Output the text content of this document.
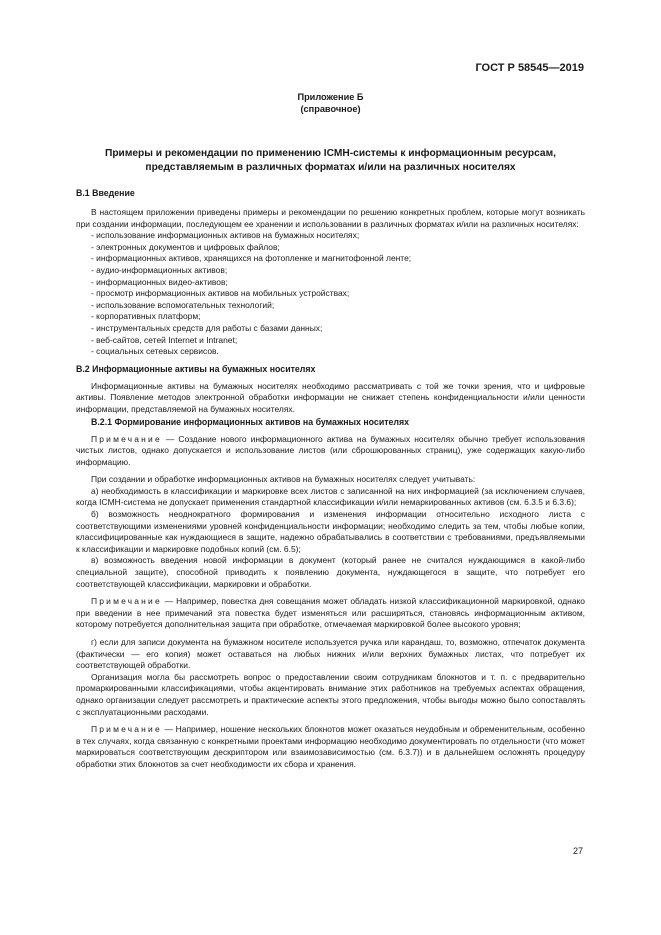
ГОСТ Р 58545—2019

Приложение Б

(справочное)

Примеры и рекомендации по применению ICMH-системы к информационным ресурсам,
представляемым в различных форматах и/или на различных носителях

В.1 Введение

В настоящем приложении приведены примеры и рекомендации по решению конкретных проблем, которые могут возникать при создании информации, последующем ее хранении и использовании в различных форматах и/или на различных носителях:

- использование информационных активов на бумажных носителях;
- электронных документов и цифровых файлов;
- информационных активов, хранящихся на фотопленке и магнитофонной ленте;
- аудио-информационных активов;
- информационных видео-активов;
- просмотр информационных активов на мобильных устройствах;
- использование вспомогательных технологий;
- корпоративных платформ;
- инструментальных средств для работы с базами данных;
- веб-сайтов, сетей Internet и Intranet;
- социальных сетевых сервисов.
В.2 Информационные активы на бумажных носителях

Информационные активы на бумажных носителях необходимо рассматривать с той же точки зрения, что и цифровые активы. Появление методов электронной обработки информации не снижает степень конфиденциальности и/или ценности информации, представляемой на бумажных носителях.

В.2.1 Формирование информационных активов на бумажных носителях

Примечание — Создание нового информационного актива на бумажных носителях обычно требует использования чистых листов, однако допускается и использование листов (или сброшюрованных страниц), уже содержащих какую-либо информацию.

При создании и обработке информационных активов на бумажных носителях следует учитывать:

а) необходимость в классификации и маркировке всех листов с записанной на них информацией (за исключением случаев, когда ICMH-система не допускает применения стандартной классификации и/или немаркированных активов (см. 6.3.5 и 6.3.6);

б) возможность неоднократного формирования и изменения информации относительно исходного листа с соответствующими изменениями уровней конфиденциальности информации; необходимо следить за тем, чтобы любые копии, классифицированные как нуждающиеся в защите, надежно обрабатывались в соответствии с требованиями, предъявляемыми к классификации и маркировке подобных копий (см. 6.5);

в) возможность введения новой информации в документ (который ранее не считался нуждающимся в какой-либо специальной защите), способной приводить к появлению документа, нуждающегося в защите, что потребует его соответствующей классификации, маркировки и обработки.

Примечание — Например, повестка дня совещания может обладать низкой классификационной маркировкой, однако при введении в нее примечаний эта повестка будет изменяться или расширяться, становясь информационным активом, которому потребуется дополнительная защита при обработке, отмечаемая маркировкой более высокого уровня;

г) если для записи документа на бумажном носителе используется ручка или карандаш, то, возможно, отпечаток документа (фактически — его копия) может оставаться на любых нижних и/или верхних бумажных листах, что потребует их соответствующей обработки.

Организация могла бы рассмотреть вопрос о предоставлении своим сотрудникам блокнотов и т. п. с предварительно промаркированными классификациями, чтобы акцентировать внимание этих работников на требуемых аспектах обращения, однако организации следует рассмотреть и практические аспекты этого предложения, чтобы выгоды можно было сопоставлять с эксплуатационными расходами.

Примечание — Например, ношение нескольких блокнотов может оказаться неудобным и обременительным, особенно в тех случаях, когда связанную с конкретными проектами информацию необходимо документировать по отдельности (что может маркироваться соответствующим дескриптором или взаимозависимостью (см. 6.3.7)) и в дальнейшем осложнять процедуру обработки этих блокнотов за счет необходимости их сбора и хранения.

27
